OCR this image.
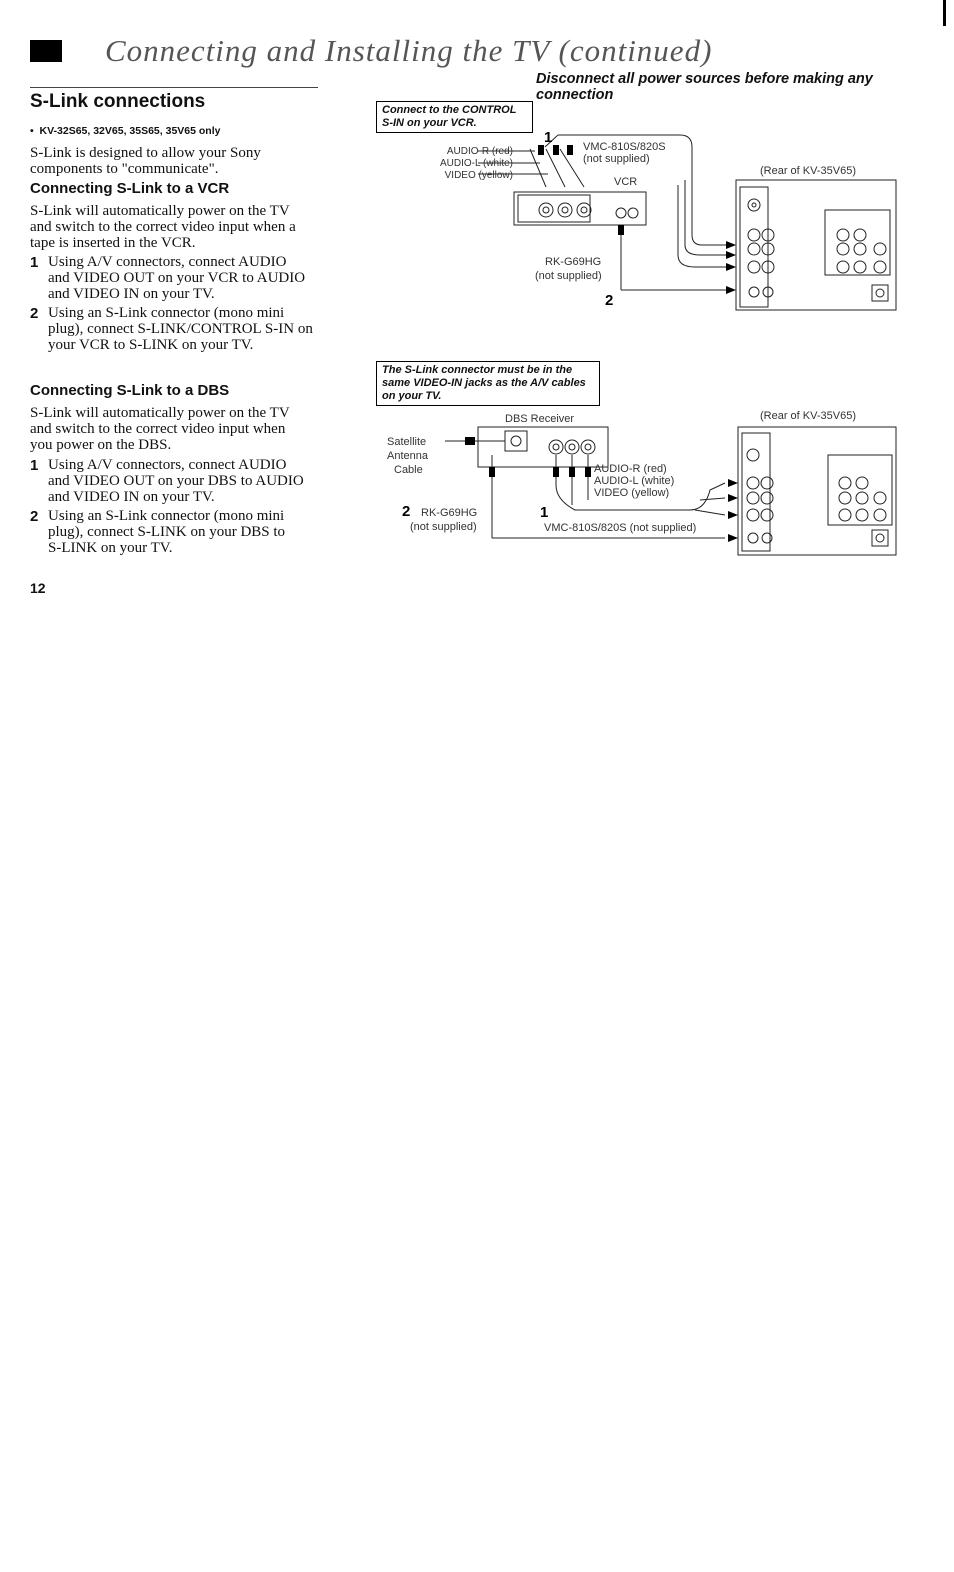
Connecting and Installing the TV (continued)
Disconnect all power sources before making any connection
S-Link connections
•  KV-32S65, 32V65, 35S65, 35V65 only
S-Link is designed to allow your Sony
components to "communicate".
Connecting S-Link to a VCR
S-Link will automatically power on the TV
and switch to the correct video input when a
tape is inserted in the VCR.
1 Using A/V connectors, connect AUDIO
and VIDEO OUT on your VCR to AUDIO
and VIDEO IN on your TV.
2 Using an S-Link connector (mono mini
plug), connect S-LINK/CONTROL S-IN on
your VCR to S-LINK on your TV.
Connecting S-Link to a DBS
S-Link will automatically power on the TV
and switch to the correct video input when
you power on the DBS.
1 Using A/V connectors, connect AUDIO
and VIDEO OUT on your DBS to AUDIO
and VIDEO IN on your TV.
2 Using an S-Link connector (mono mini
plug), connect S-LINK on your DBS to
S-LINK on your TV.
12
Connect to the CONTROL
S-IN on your VCR.
The S-Link connector must be in the
same VIDEO-IN jacks as the A/V cables
on your TV.
VMC-810S/820S
(not supplied)
AUDIO-R (red)
AUDIO-L (white)
VIDEO (yellow)
VCR
RK-G69HG
(not supplied)
(Rear of KV-35V65)
1
2
DBS Receiver
Satellite
Antenna
Cable	AUDIO-R (red)
AUDIO-L (white)
VIDEO (yellow)
RK-G69HG
(not supplied)	VMC-810S/820S (not supplied)
(Rear of KV-35V65)
2	1
